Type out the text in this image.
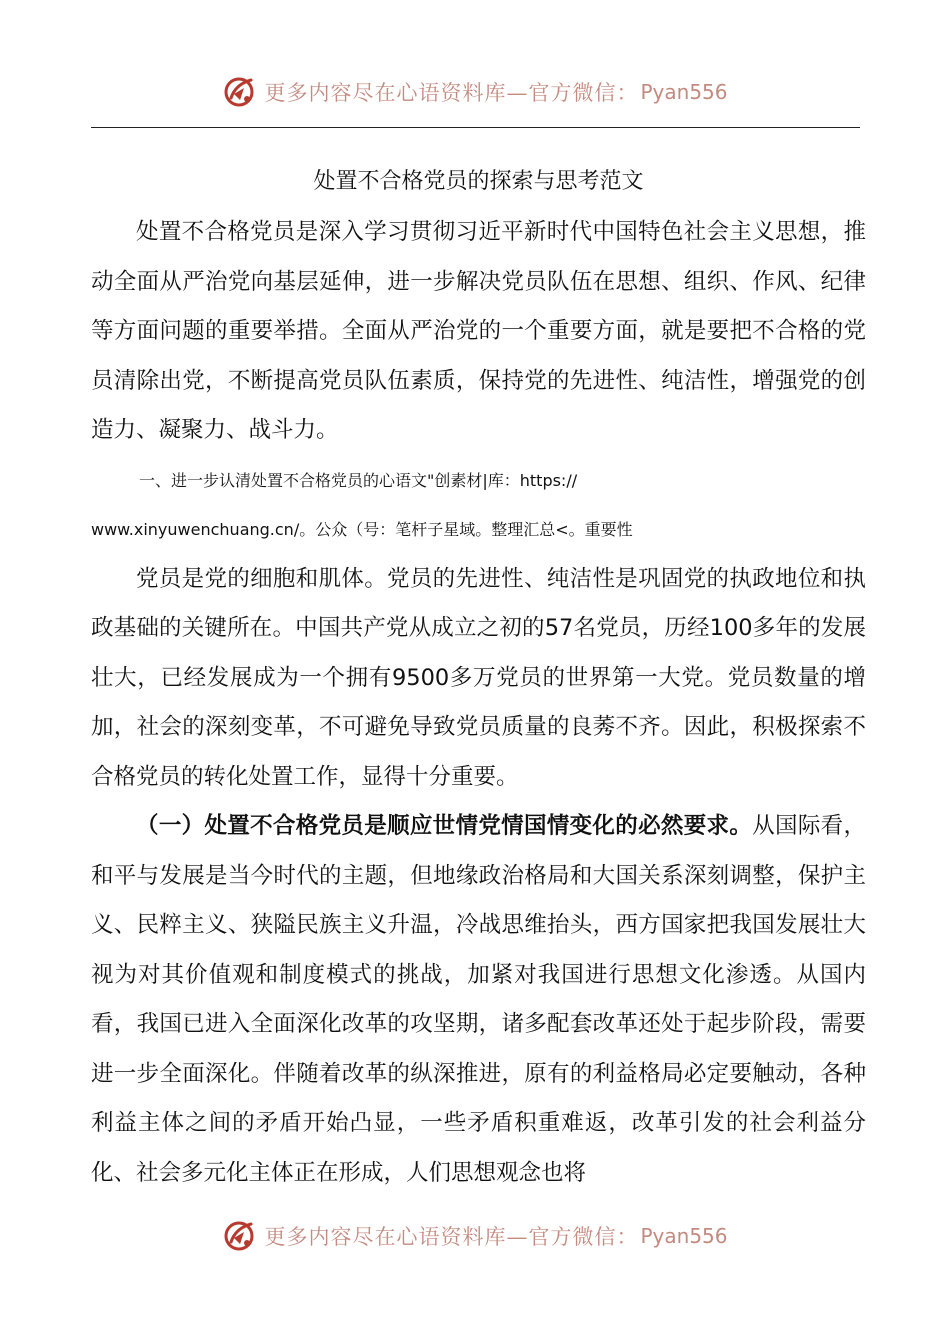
更多内容尽在心语资料库— 官方微信： Pyan556
处置不合格党员的探索与思考范文

处置不合格党员是深入学习贯彻习近平新时代中国特色社会主义思想，推动全面从严治党向基层延伸，进一步解决党员队伍在思想、组织、作风、纪律等方面问题的重要举措。全面从严治党的一个重要方面，就是要把不合格的党员清除出党，不断提高党员队伍素质，保持党的先进性、纯洁性，增强党的创造力、凝聚力、战斗力。

一、进一步认清处置不合格党员的心语文"创素材|库：https://

www.xinyuwenchuang.cn/。公众（号：笔杆子星域。整理汇总<。重要性

党员是党的细胞和肌体。党员的先进性、纯洁性是巩固党的执政地位和执政基础的关键所在。中国共产党从成立之初的57名党员，历经100多年的发展壮大，已经发展成为一个拥有9500多万党员的世界第一大党。党员数量的增加，社会的深刻变革，不可避免导致党员质量的良莠不齐。因此，积极探索不合格党员的转化处置工作，显得十分重要。

（一）处置不合格党员是顺应世情党情国情变化的必然要求。从国际看，和平与发展是当今时代的主题，但地缘政治格局和大国关系深刻调整，保护主义、民粹主义、狭隘民族主义升温，冷战思维抬头，西方国家把我国发展壮大视为对其价值观和制度模式的挑战，加紧对我国进行思想文化渗透。从国内看，我国已进入全面深化改革的攻坚期，诸多配套改革还处于起步阶段，需要进一步全面深化。伴随着改革的纵深推进，原有的利益格局必定要触动，各种利益主体之间的矛盾开始凸显，一些矛盾积重难返，改革引发的社会利益分化、社会多元化主体正在形成，人们思想观念也将

更多内容尽在心语资料库— 官方微信： Pyan556
